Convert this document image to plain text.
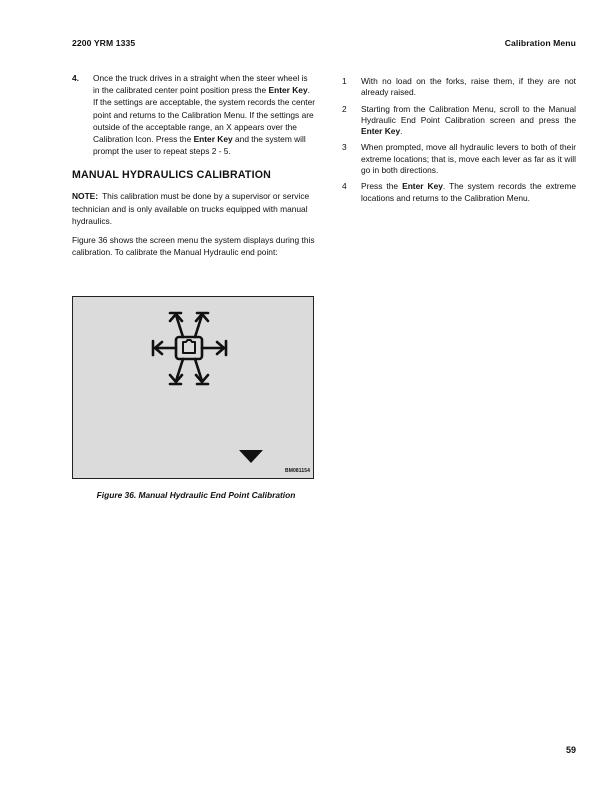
2200 YRM 1335	Calibration Menu

4. Once the truck drives in a straight when the steer wheel is in the calibrated center point position press the Enter Key. If the settings are acceptable, the system records the center point and returns to the Calibration Menu. If the settings are outside of the acceptable range, an X appears over the Calibration Icon. Press the Enter Key and the system will prompt the user to repeat steps 2 - 5.

MANUAL HYDRAULICS CALIBRATION

NOTE: This calibration must be done by a supervisor or service technician and is only available on trucks equipped with manual hydraulics.

Figure 36 shows the screen menu the system displays during this calibration. To calibrate the Manual Hydraulic end point:

BM081154
Figure 36. Manual Hydraulic End Point Calibration

1 With no load on the forks, raise them, if they are not already raised.

2 Starting from the Calibration Menu, scroll to the Manual Hydraulic End Point Calibration screen and press the Enter Key.

3 When prompted, move all hydraulic levers to both of their extreme locations; that is, move each lever as far as it will go in both directions.

4 Press the Enter Key. The system records the extreme locations and returns to the Calibration Menu.

59
